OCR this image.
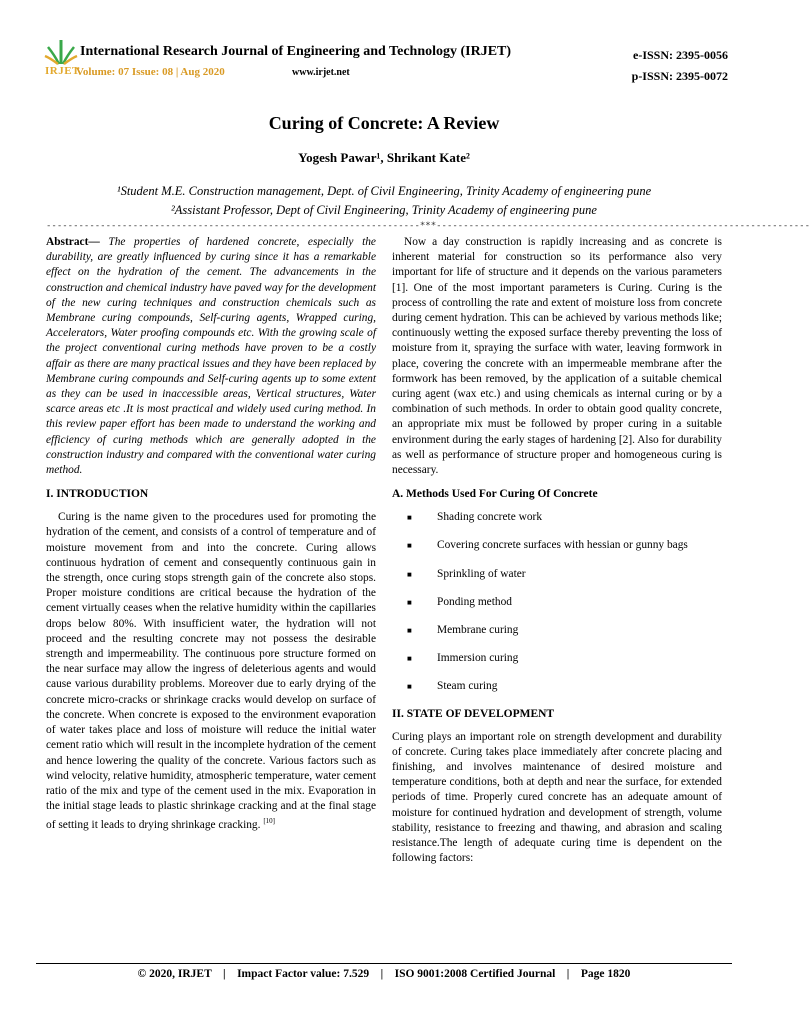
IRJET
International Research Journal of Engineering and Technology (IRJET)
Volume: 07 Issue: 08 | Aug 2020	www.irjet.net
e-ISSN: 2395-0056
p-ISSN: 2395-0072
Curing of Concrete: A Review
Yogesh Pawar¹, Shrikant Kate²
¹Student M.E. Construction management, Dept. of Civil Engineering, Trinity Academy of engineering pune
²Assistant Professor, Dept of Civil Engineering, Trinity Academy of engineering pune
---------------------------------------------------------------------***---------------------------------------------------------------------

Abstract— The properties of hardened concrete, especially the durability, are greatly influenced by curing since it has a remarkable effect on the hydration of the cement. The advancements in the construction and chemical industry have paved way for the development of the new curing techniques and construction chemicals such as Membrane curing compounds, Self-curing agents, Wrapped curing, Accelerators, Water proofing compounds etc. With the growing scale of the project conventional curing methods have proven to be a costly affair as there are many practical issues and they have been replaced by Membrane curing compounds and Self-curing agents up to some extent as they can be used in inaccessible areas, Vertical structures, Water scarce areas etc .It is most practical and widely used curing method. In this review paper effort has been made to understand the working and efficiency of curing methods which are generally adopted in the construction industry and compared with the conventional water curing method.

I. INTRODUCTION

Curing is the name given to the procedures used for promoting the hydration of the cement, and consists of a control of temperature and of moisture movement from and into the concrete. Curing allows continuous hydration of cement and consequently continuous gain in the strength, once curing stops strength gain of the concrete also stops. Proper moisture conditions are critical because the hydration of the cement virtually ceases when the relative humidity within the capillaries drops below 80%. With insufficient water, the hydration will not proceed and the resulting concrete may not possess the desirable strength and impermeability. The continuous pore structure formed on the near surface may allow the ingress of deleterious agents and would cause various durability problems. Moreover due to early drying of the concrete micro-cracks or shrinkage cracks would develop on surface of the concrete. When concrete is exposed to the environment evaporation of water takes place and loss of moisture will reduce the initial water cement ratio which will result in the incomplete hydration of the cement and hence lowering the quality of the concrete. Various factors such as wind velocity, relative humidity, atmospheric temperature, water cement ratio of the mix and type of the cement used in the mix. Evaporation in the initial stage leads to plastic shrinkage cracking and at the final stage of setting it leads to drying shrinkage cracking. [10]

Now a day construction is rapidly increasing and as concrete is inherent material for construction so its performance also very important for life of structure and it depends on the various parameters [1]. One of the most important parameters is Curing. Curing is the process of controlling the rate and extent of moisture loss from concrete during cement hydration. This can be achieved by various methods like; continuously wetting the exposed surface thereby preventing the loss of moisture from it, spraying the surface with water, leaving formwork in place, covering the concrete with an impermeable membrane after the formwork has been removed, by the application of a suitable chemical curing agent (wax etc.) and using chemicals as internal curing or by a combination of such methods. In order to obtain good quality concrete, an appropriate mix must be followed by proper curing in a suitable environment during the early stages of hardening [2]. Also for durability as well as performance of structure proper and homogeneous curing is necessary.

A. Methods Used For Curing Of Concrete
■ Shading concrete work
■ Covering concrete surfaces with hessian or gunny bags
■ Sprinkling of water
■ Ponding method
■ Membrane curing
■ Immersion curing
■ Steam curing
II. STATE OF DEVELOPMENT

Curing plays an important role on strength development and durability of concrete. Curing takes place immediately after concrete placing and finishing, and involves maintenance of desired moisture and temperature conditions, both at depth and near the surface, for extended periods of time. Properly cured concrete has an adequate amount of moisture for continued hydration and development of strength, volume stability, resistance to freezing and thawing, and abrasion and scaling resistance.The length of adequate curing time is dependent on the following factors:

© 2020, IRJET    |    Impact Factor value: 7.529    |    ISO 9001:2008 Certified Journal    |    Page 1820
